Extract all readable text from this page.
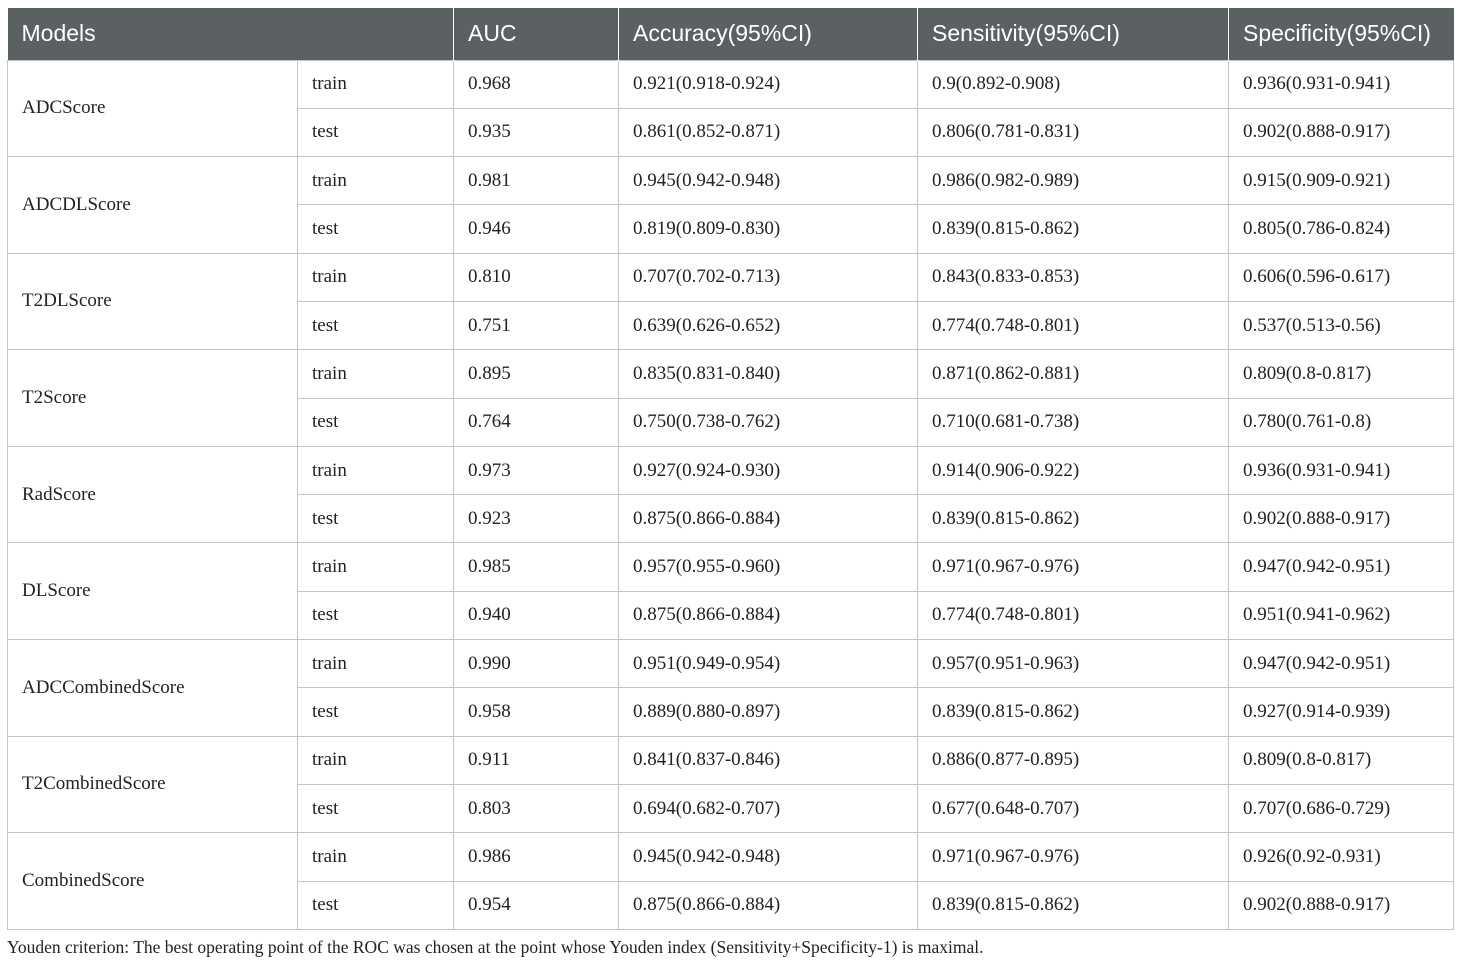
Models		AUC	Accuracy(95%CI)	Sensitivity(95%CI)	Specificity(95%CI)
ADCScore	train	0.968	0.921(0.918-0.924)	0.9(0.892-0.908)	0.936(0.931-0.941)
	test	0.935	0.861(0.852-0.871)	0.806(0.781-0.831)	0.902(0.888-0.917)
ADCDLScore	train	0.981	0.945(0.942-0.948)	0.986(0.982-0.989)	0.915(0.909-0.921)
	test	0.946	0.819(0.809-0.830)	0.839(0.815-0.862)	0.805(0.786-0.824)
T2DLScore	train	0.810	0.707(0.702-0.713)	0.843(0.833-0.853)	0.606(0.596-0.617)
	test	0.751	0.639(0.626-0.652)	0.774(0.748-0.801)	0.537(0.513-0.56)
T2Score	train	0.895	0.835(0.831-0.840)	0.871(0.862-0.881)	0.809(0.8-0.817)
	test	0.764	0.750(0.738-0.762)	0.710(0.681-0.738)	0.780(0.761-0.8)
RadScore	train	0.973	0.927(0.924-0.930)	0.914(0.906-0.922)	0.936(0.931-0.941)
	test	0.923	0.875(0.866-0.884)	0.839(0.815-0.862)	0.902(0.888-0.917)
DLScore	train	0.985	0.957(0.955-0.960)	0.971(0.967-0.976)	0.947(0.942-0.951)
	test	0.940	0.875(0.866-0.884)	0.774(0.748-0.801)	0.951(0.941-0.962)
ADCCombinedScore	train	0.990	0.951(0.949-0.954)	0.957(0.951-0.963)	0.947(0.942-0.951)
	test	0.958	0.889(0.880-0.897)	0.839(0.815-0.862)	0.927(0.914-0.939)
T2CombinedScore	train	0.911	0.841(0.837-0.846)	0.886(0.877-0.895)	0.809(0.8-0.817)
	test	0.803	0.694(0.682-0.707)	0.677(0.648-0.707)	0.707(0.686-0.729)
CombinedScore	train	0.986	0.945(0.942-0.948)	0.971(0.967-0.976)	0.926(0.92-0.931)
	test	0.954	0.875(0.866-0.884)	0.839(0.815-0.862)	0.902(0.888-0.917)
Youden criterion: The best operating point of the ROC was chosen at the point whose Youden index (Sensitivity+Specificity-1) is maximal.
